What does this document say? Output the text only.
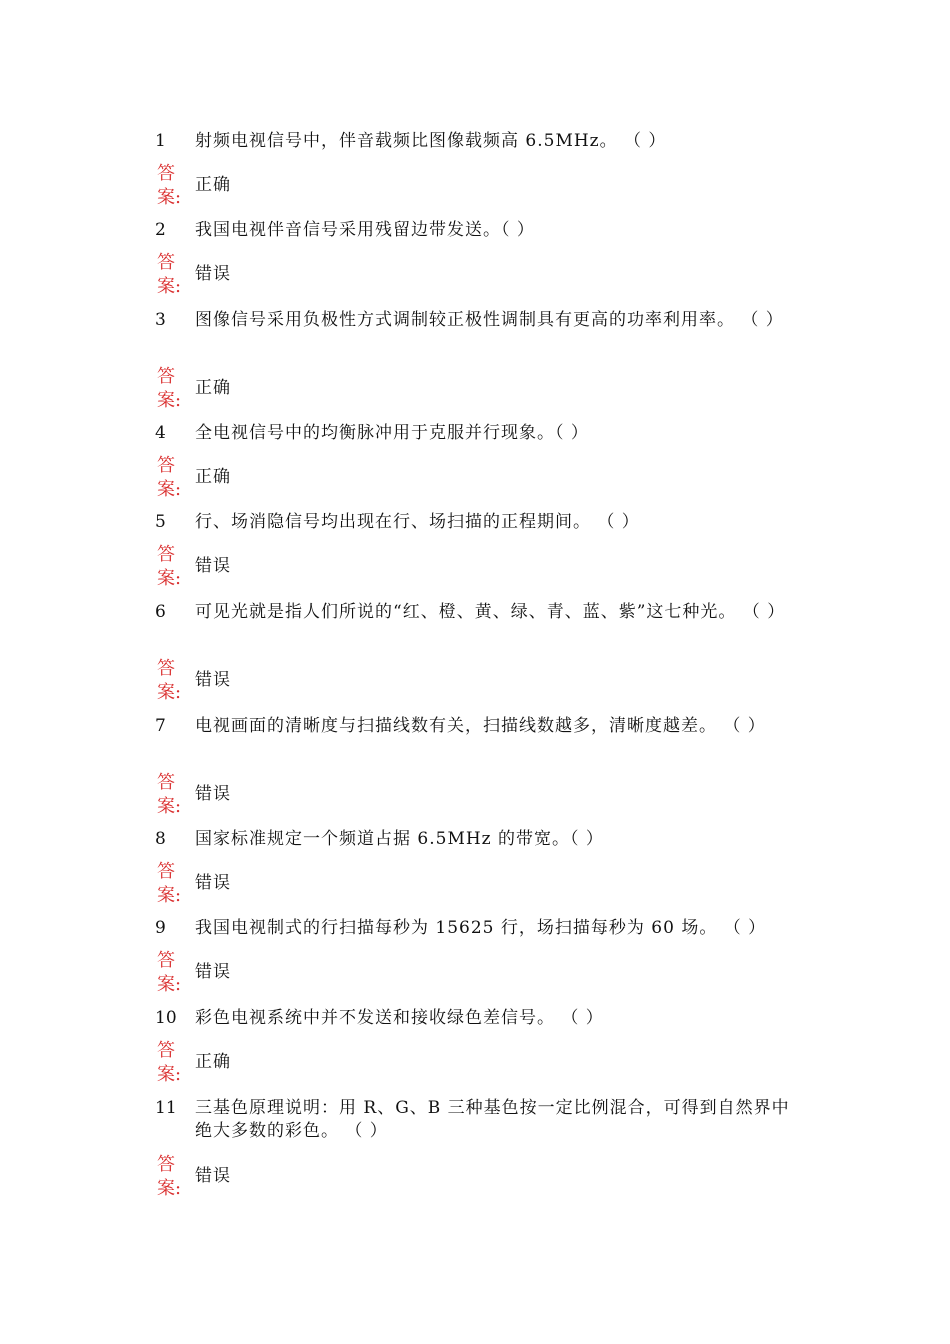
1	射频电视信号中，伴音载频比图像载频高 6.5MHz。 （ ）
答
案:
正确
2	我国电视伴音信号采用残留边带发送。（ ）
答
案:
错误
3	图像信号采用负极性方式调制较正极性调制具有更高的功率利用率。 （ ）
答
案:
正确
4	全电视信号中的均衡脉冲用于克服并行现象。（ ）
答
案:
正确
5	行、场消隐信号均出现在行、场扫描的正程期间。 （ ）
答
案:
错误
6	可见光就是指人们所说的“红、橙、黄、绿、青、蓝、紫”这七种光。 （ ）
答
案:
错误
7	电视画面的清晰度与扫描线数有关，扫描线数越多，清晰度越差。 （ ）
答
案:
错误
8	国家标准规定一个频道占据 6.5MHz 的带宽。（ ）
答
案:
错误
9	我国电视制式的行扫描每秒为 15625 行，场扫描每秒为 60 场。 （ ）
答
案:
错误
10	彩色电视系统中并不发送和接收绿色差信号。 （ ）
答
案:
正确
11	三基色原理说明：用 R、G、B 三种基色按一定比例混合，可得到自然界中绝大多数的彩色。 （ ）
答
案:
错误
